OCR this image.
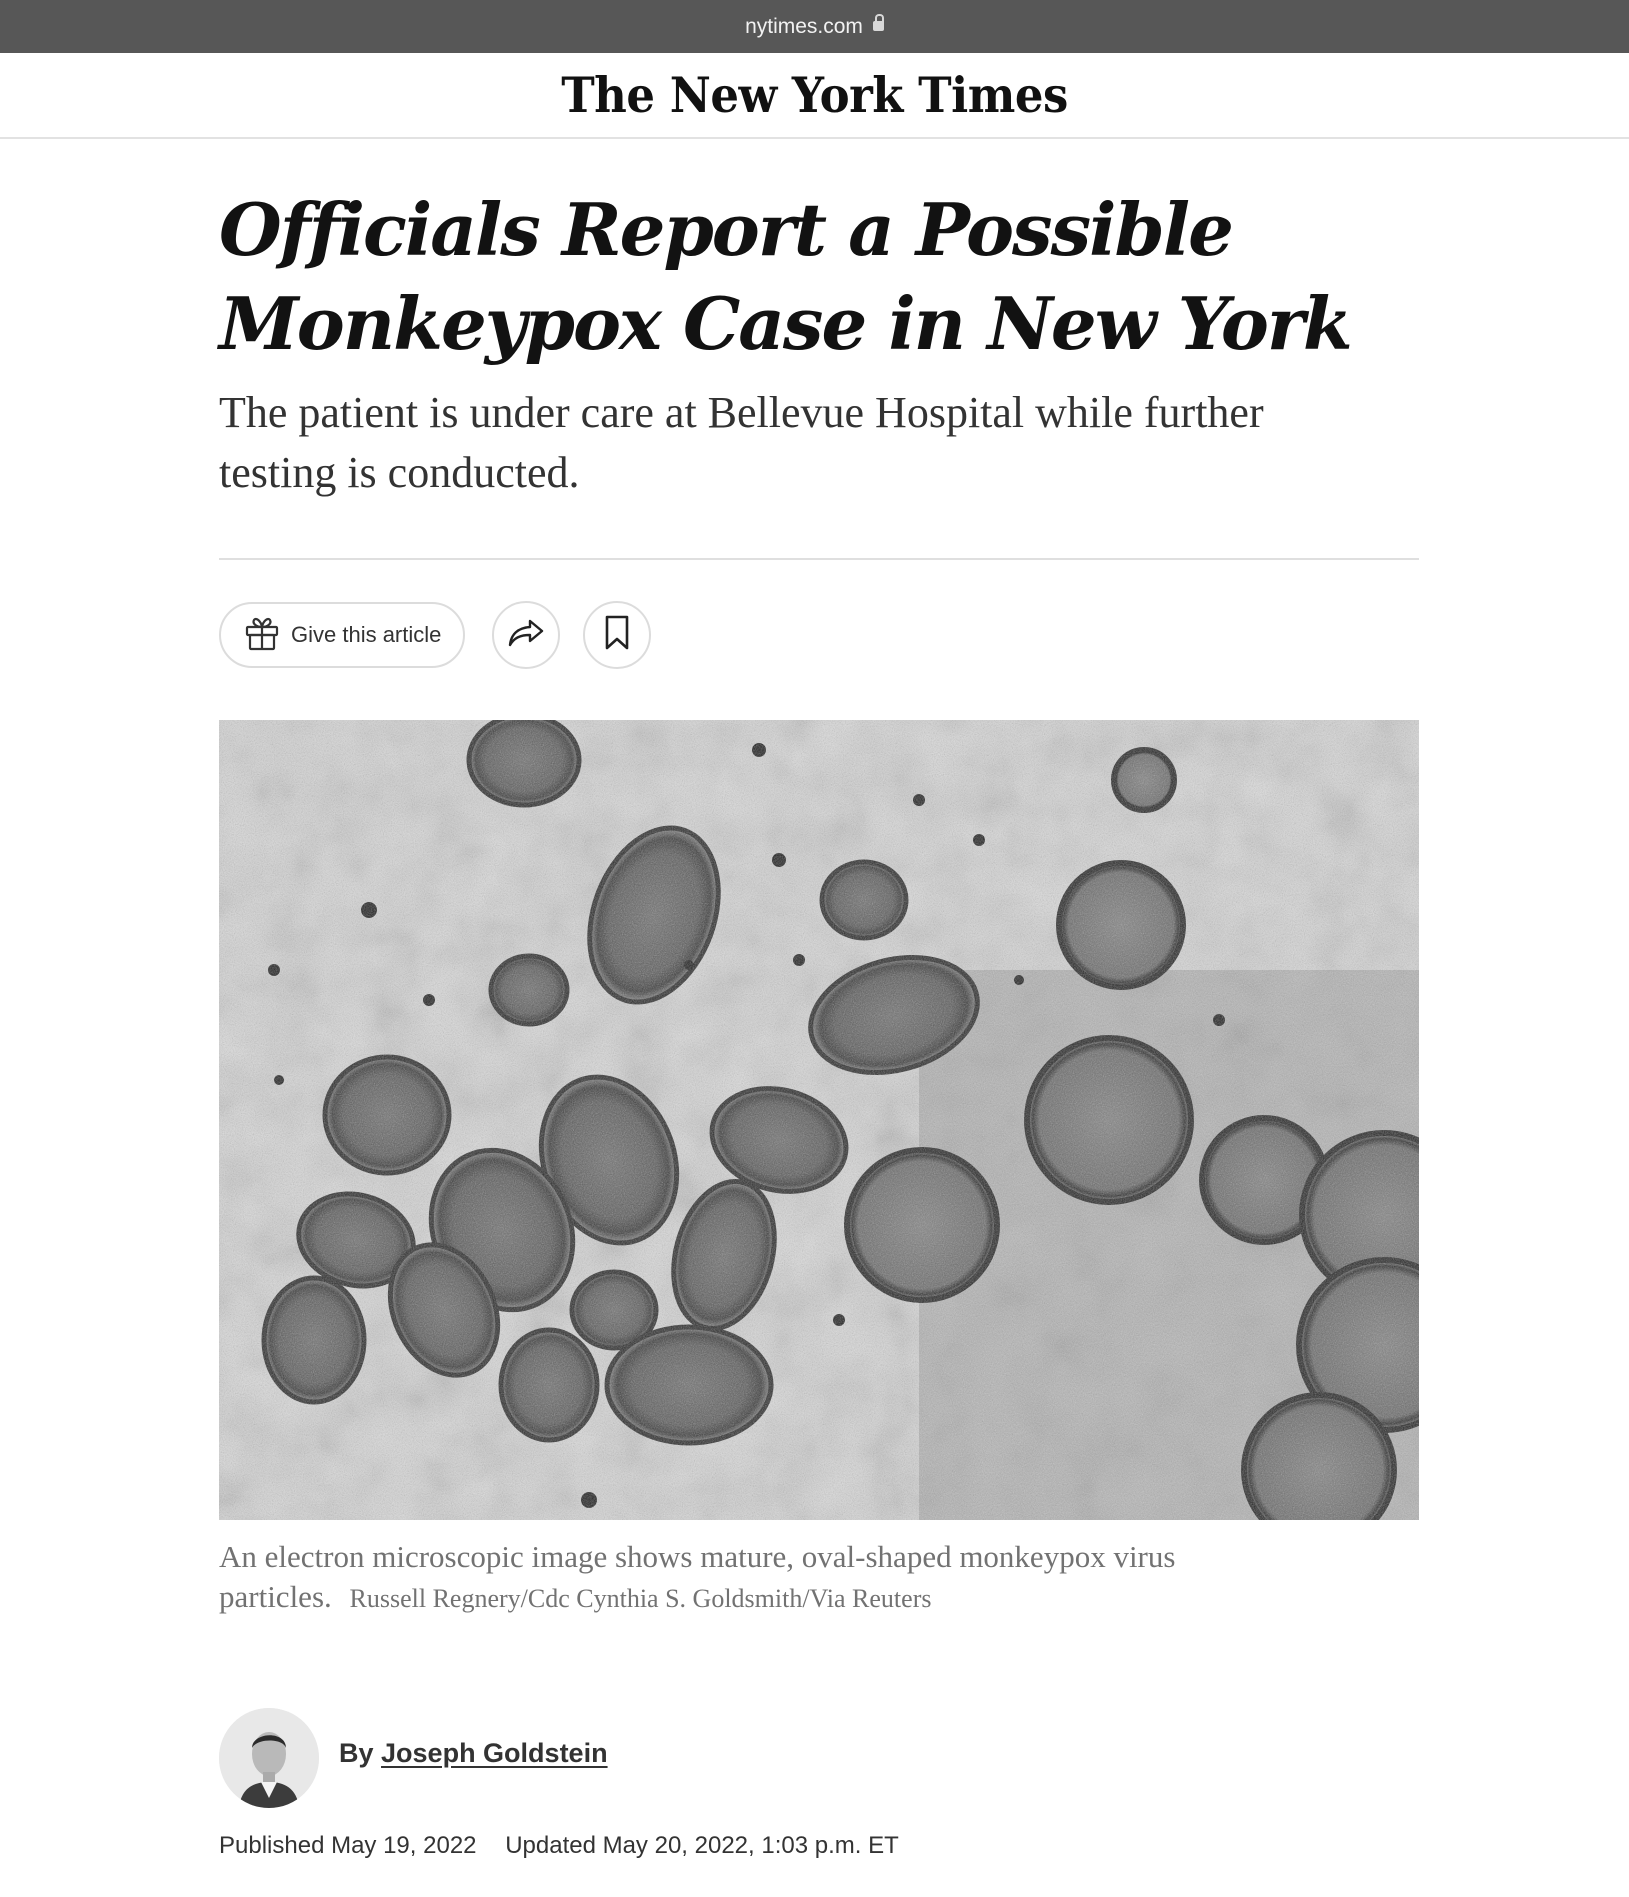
nytimes.com
The New York Times
Officials Report a Possible Monkeypox Case in New York

The patient is under care at Bellevue Hospital while further testing is conducted.

Give this article

An electron microscopic image shows mature, oval-shaped monkeypox virus particles. Russell Regnery/Cdc Cynthia S. Goldsmith/Via Reuters

By Joseph Goldstein
Published May 19, 2022 Updated May 20, 2022, 1:03 p.m. ET
